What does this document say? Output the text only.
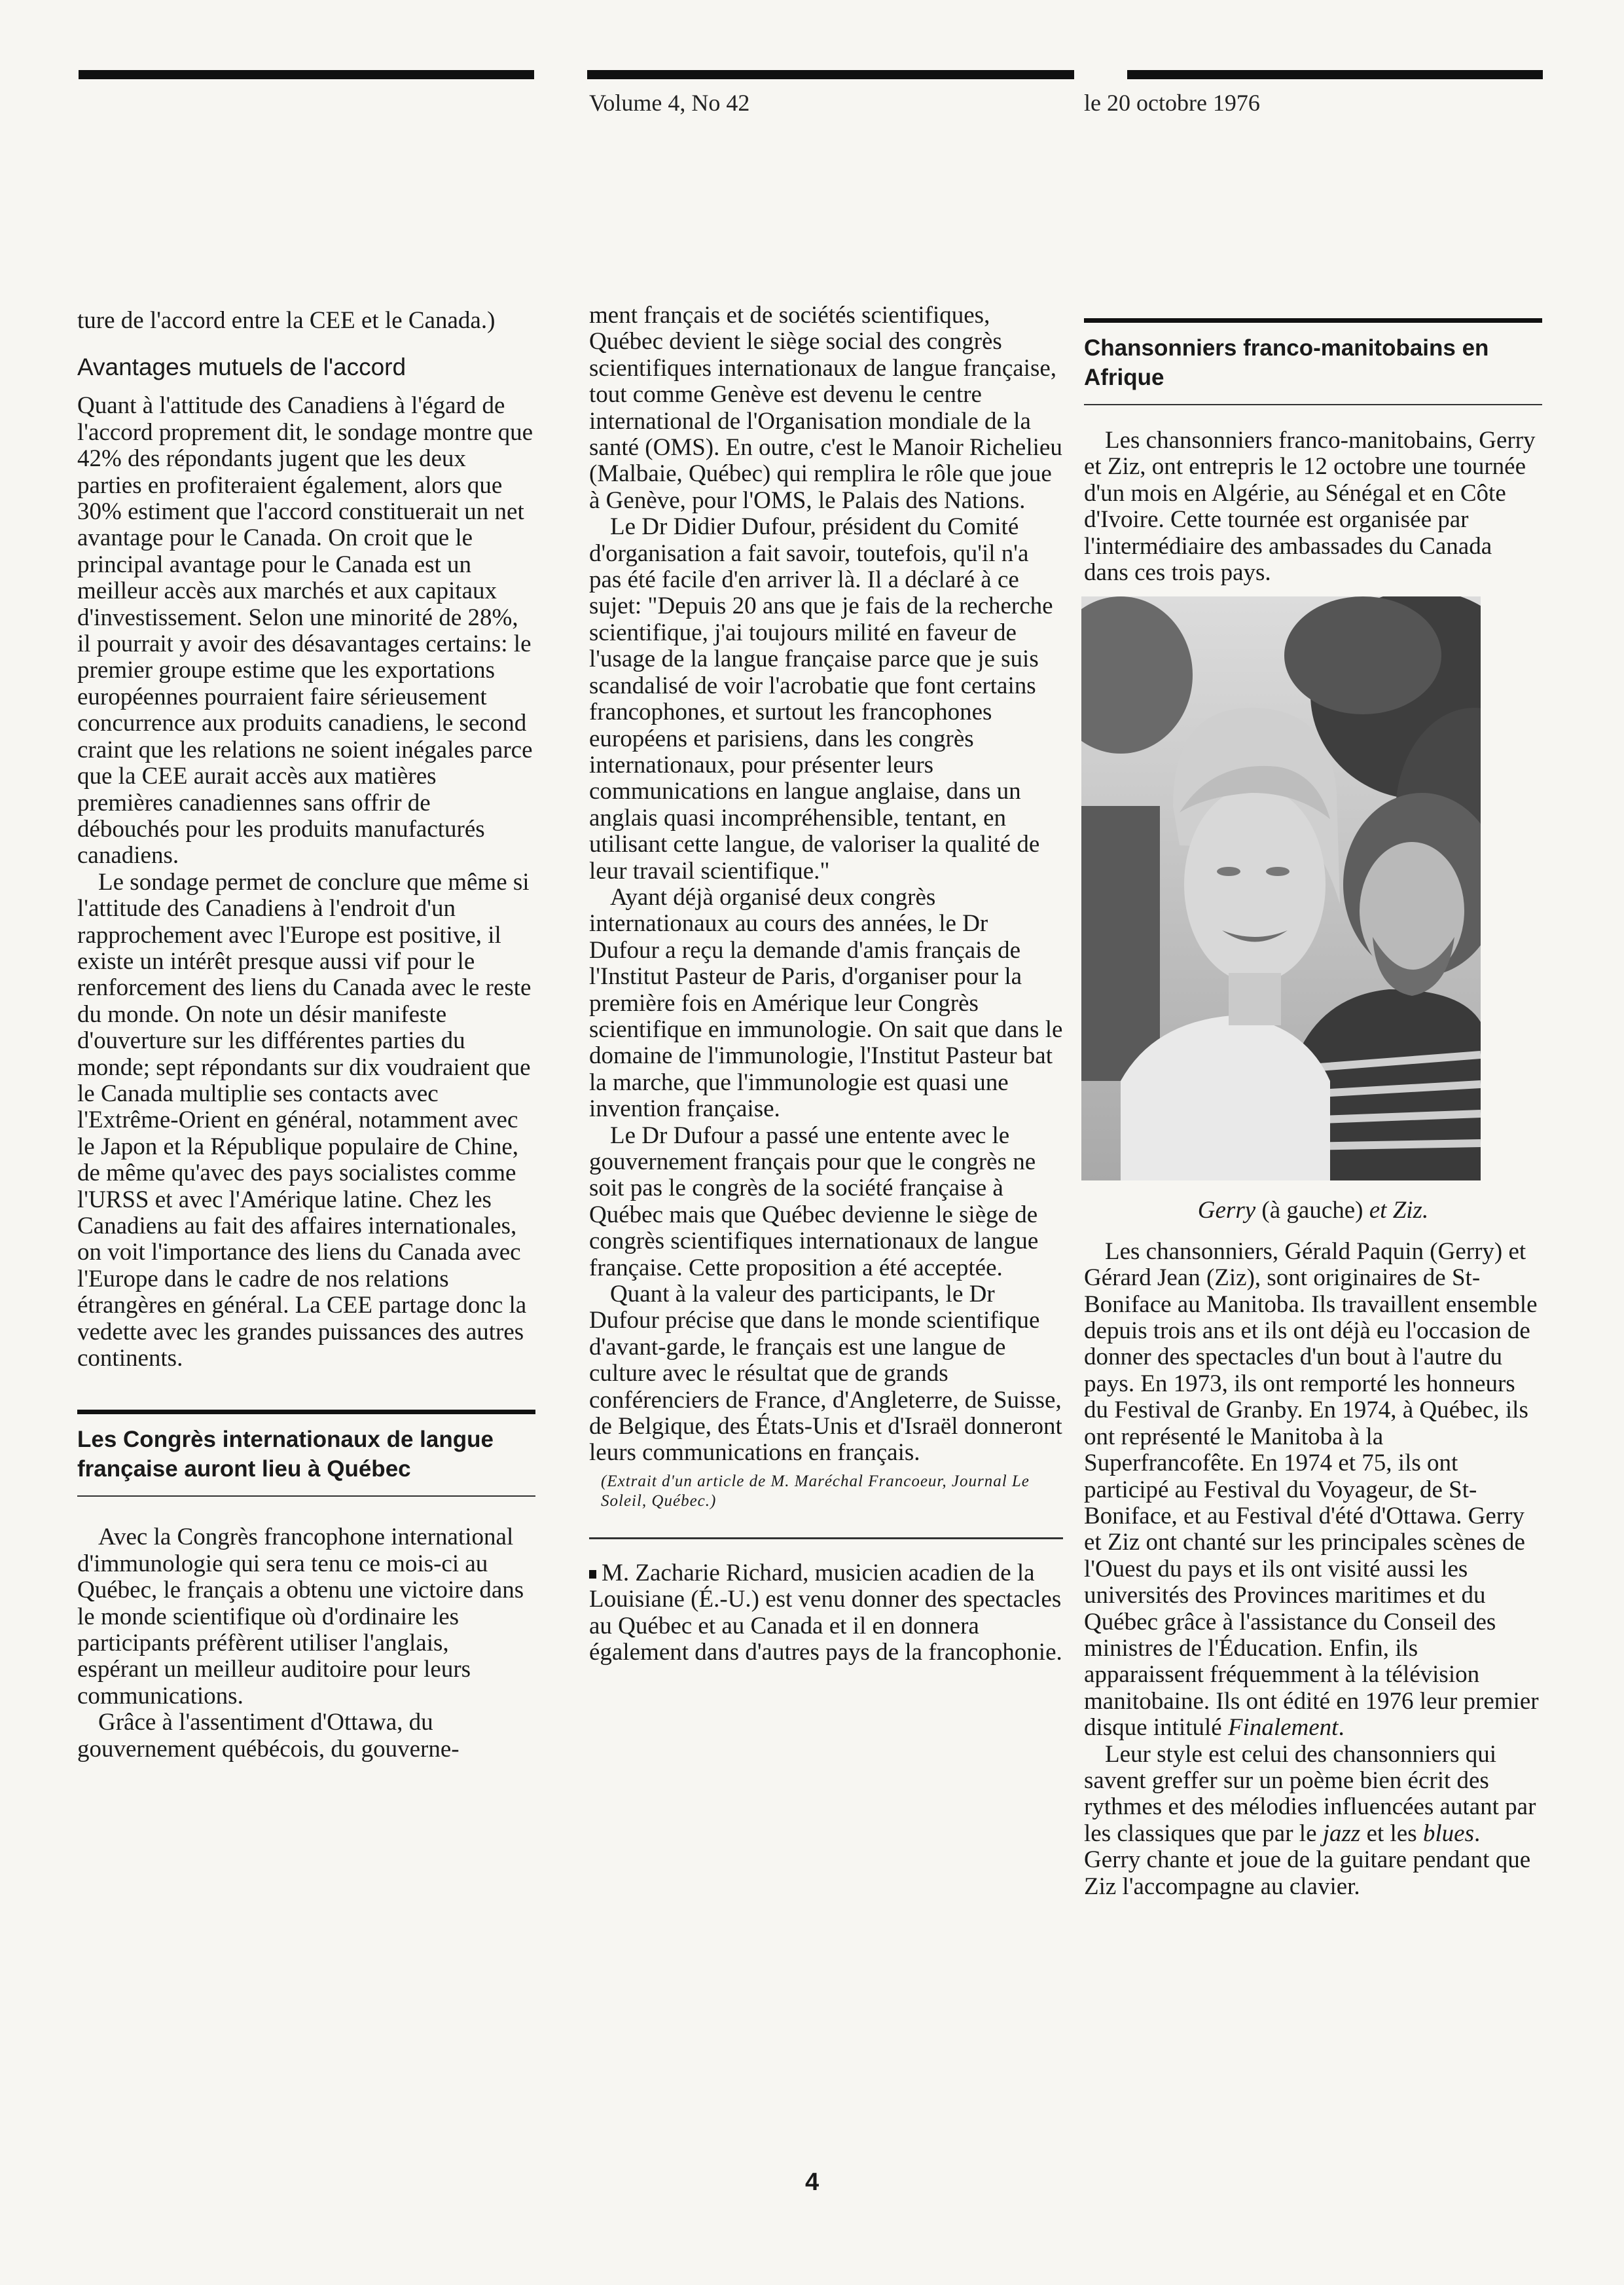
Volume 4, No 42	le 20 octobre 1976

ture de l'accord entre la CEE et le Canada.)

Avantages mutuels de l'accord

Quant à l'attitude des Canadiens à l'égard de l'accord proprement dit, le sondage montre que 42% des répondants jugent que les deux parties en profiteraient également, alors que 30% estiment que l'accord constituerait un net avantage pour le Canada. On croit que le principal avantage pour le Canada est un meilleur accès aux marchés et aux capitaux d'investissement. Selon une minorité de 28%, il pourrait y avoir des désavantages certains: le premier groupe estime que les exportations européennes pourraient faire sérieusement concurrence aux produits canadiens, le second craint que les relations ne soient inégales parce que la CEE aurait accès aux matières premières canadiennes sans offrir de débouchés pour les produits manufacturés canadiens.

Le sondage permet de conclure que même si l'attitude des Canadiens à l'endroit d'un rapprochement avec l'Europe est positive, il existe un intérêt presque aussi vif pour le renforcement des liens du Canada avec le reste du monde. On note un désir manifeste d'ouverture sur les différentes parties du monde; sept répondants sur dix voudraient que le Canada multiplie ses contacts avec l'Extrême-Orient en général, notamment avec le Japon et la République populaire de Chine, de même qu'avec des pays socialistes comme l'URSS et avec l'Amérique latine. Chez les Canadiens au fait des affaires internationales, on voit l'importance des liens du Canada avec l'Europe dans le cadre de nos relations étrangères en général. La CEE partage donc la vedette avec les grandes puissances des autres continents.

Les Congrès internationaux de langue française auront lieu à Québec

Avec la Congrès francophone international d'immunologie qui sera tenu ce mois-ci au Québec, le français a obtenu une victoire dans le monde scientifique où d'ordinaire les participants préfèrent utiliser l'anglais, espérant un meilleur auditoire pour leurs communications.

Grâce à l'assentiment d'Ottawa, du gouvernement québécois, du gouverne-

ment français et de sociétés scientifiques, Québec devient le siège social des congrès scientifiques internationaux de langue française, tout comme Genève est devenu le centre international de l'Organisation mondiale de la santé (OMS). En outre, c'est le Manoir Richelieu (Malbaie, Québec) qui remplira le rôle que joue à Genève, pour l'OMS, le Palais des Nations.

Le Dr Didier Dufour, président du Comité d'organisation a fait savoir, toutefois, qu'il n'a pas été facile d'en arriver là. Il a déclaré à ce sujet: "Depuis 20 ans que je fais de la recherche scientifique, j'ai toujours milité en faveur de l'usage de la langue française parce que je suis scandalisé de voir l'acrobatie que font certains francophones, et surtout les francophones européens et parisiens, dans les congrès internationaux, pour présenter leurs communications en langue anglaise, dans un anglais quasi incompréhensible, tentant, en utilisant cette langue, de valoriser la qualité de leur travail scientifique."

Ayant déjà organisé deux congrès internationaux au cours des années, le Dr Dufour a reçu la demande d'amis français de l'Institut Pasteur de Paris, d'organiser pour la première fois en Amérique leur Congrès scientifique en immunologie. On sait que dans le domaine de l'immunologie, l'Institut Pasteur bat la marche, que l'immunologie est quasi une invention française.

Le Dr Dufour a passé une entente avec le gouvernement français pour que le congrès ne soit pas le congrès de la société française à Québec mais que Québec devienne le siège de congrès scientifiques internationaux de langue française. Cette proposition a été acceptée.

Quant à la valeur des participants, le Dr Dufour précise que dans le monde scientifique d'avant-garde, le français est une langue de culture avec le résultat que de grands conférenciers de France, d'Angleterre, de Suisse, de Belgique, des États-Unis et d'Israël donneront leurs communications en français.

(Extrait d'un article de M. Maréchal Francoeur, Journal Le Soleil, Québec.)

M. Zacharie Richard, musicien acadien de la Louisiane (É.-U.) est venu donner des spectacles au Québec et au Canada et il en donnera également dans d'autres pays de la francophonie.

Chansonniers franco-manitobains en Afrique

Les chansonniers franco-manitobains, Gerry et Ziz, ont entrepris le 12 octobre une tournée d'un mois en Algérie, au Sénégal et en Côte d'Ivoire. Cette tournée est organisée par l'intermédiaire des ambassades du Canada dans ces trois pays.

Gerry (à gauche) et Ziz.

Les chansonniers, Gérald Paquin (Gerry) et Gérard Jean (Ziz), sont originaires de St-Boniface au Manitoba. Ils travaillent ensemble depuis trois ans et ils ont déjà eu l'occasion de donner des spectacles d'un bout à l'autre du pays. En 1973, ils ont remporté les honneurs du Festival de Granby. En 1974, à Québec, ils ont représenté le Manitoba à la Superfrancofête. En 1974 et 75, ils ont participé au Festival du Voyageur, de St-Boniface, et au Festival d'été d'Ottawa. Gerry et Ziz ont chanté sur les principales scènes de l'Ouest du pays et ils ont visité aussi les universités des Provinces maritimes et du Québec grâce à l'assistance du Conseil des ministres de l'Éducation. Enfin, ils apparaissent fréquemment à la télévision manitobaine. Ils ont édité en 1976 leur premier disque intitulé Finalement.

Leur style est celui des chansonniers qui savent greffer sur un poème bien écrit des rythmes et des mélodies influencées autant par les classiques que par le jazz et les blues. Gerry chante et joue de la guitare pendant que Ziz l'accompagne au clavier.

4
